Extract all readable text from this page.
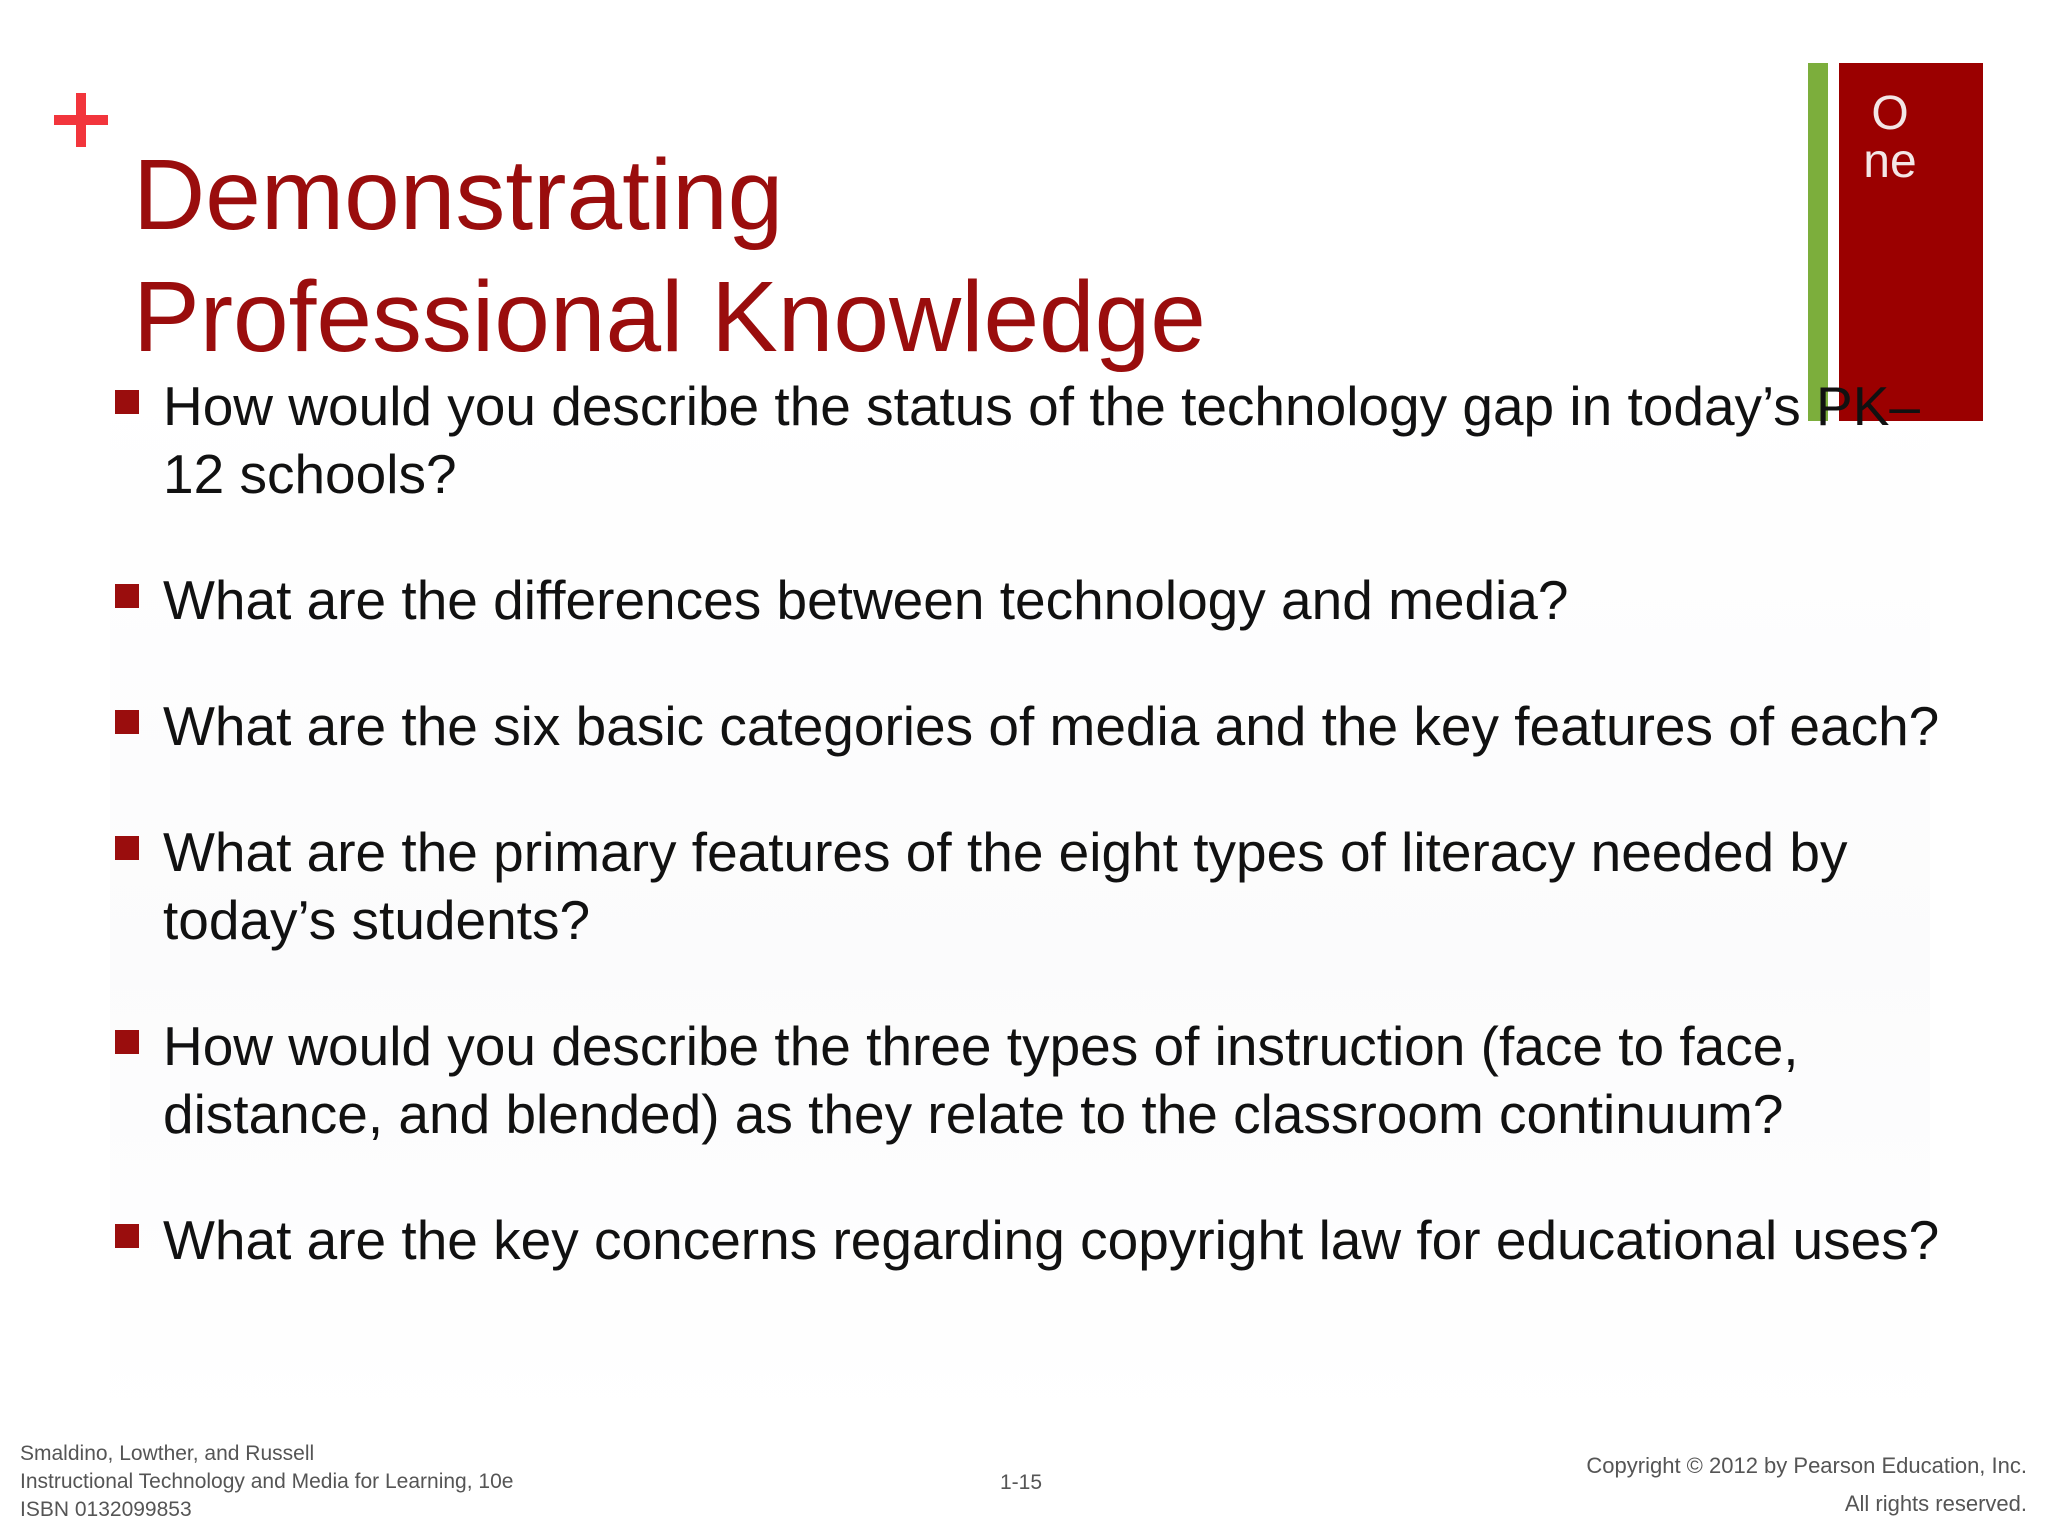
Demonstrating
Professional Knowledge
One
How would you describe the status of the technology gap in today’s PK–12 schools?
What are the differences between technology and media?
What are the six basic categories of media and the key features of each?
What are the primary features of the eight types of literacy needed by today’s students?
How would you describe the three types of instruction (face to face, distance, and blended) as they relate to the classroom continuum?
What are the key concerns regarding copyright law for educational uses?
Smaldino, Lowther, and Russell
Instructional Technology and Media for Learning, 10e
ISBN 0132099853
1-15
Copyright © 2012 by Pearson Education, Inc.
All rights reserved.
